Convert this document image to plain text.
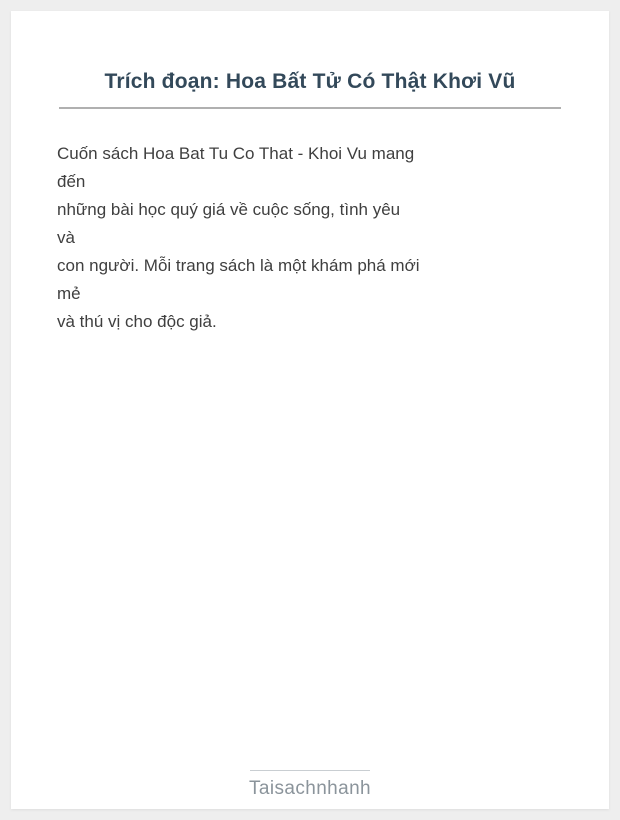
Trích đoạn: Hoa Bất Tử Có Thật Khơi Vũ
Cuốn sách Hoa Bat Tu Co That - Khoi Vu mang
đến
những bài học quý giá về cuộc sống, tình yêu
và
con người. Mỗi trang sách là một khám phá mới
mẻ
và thú vị cho độc giả.
Taisachnhanh
